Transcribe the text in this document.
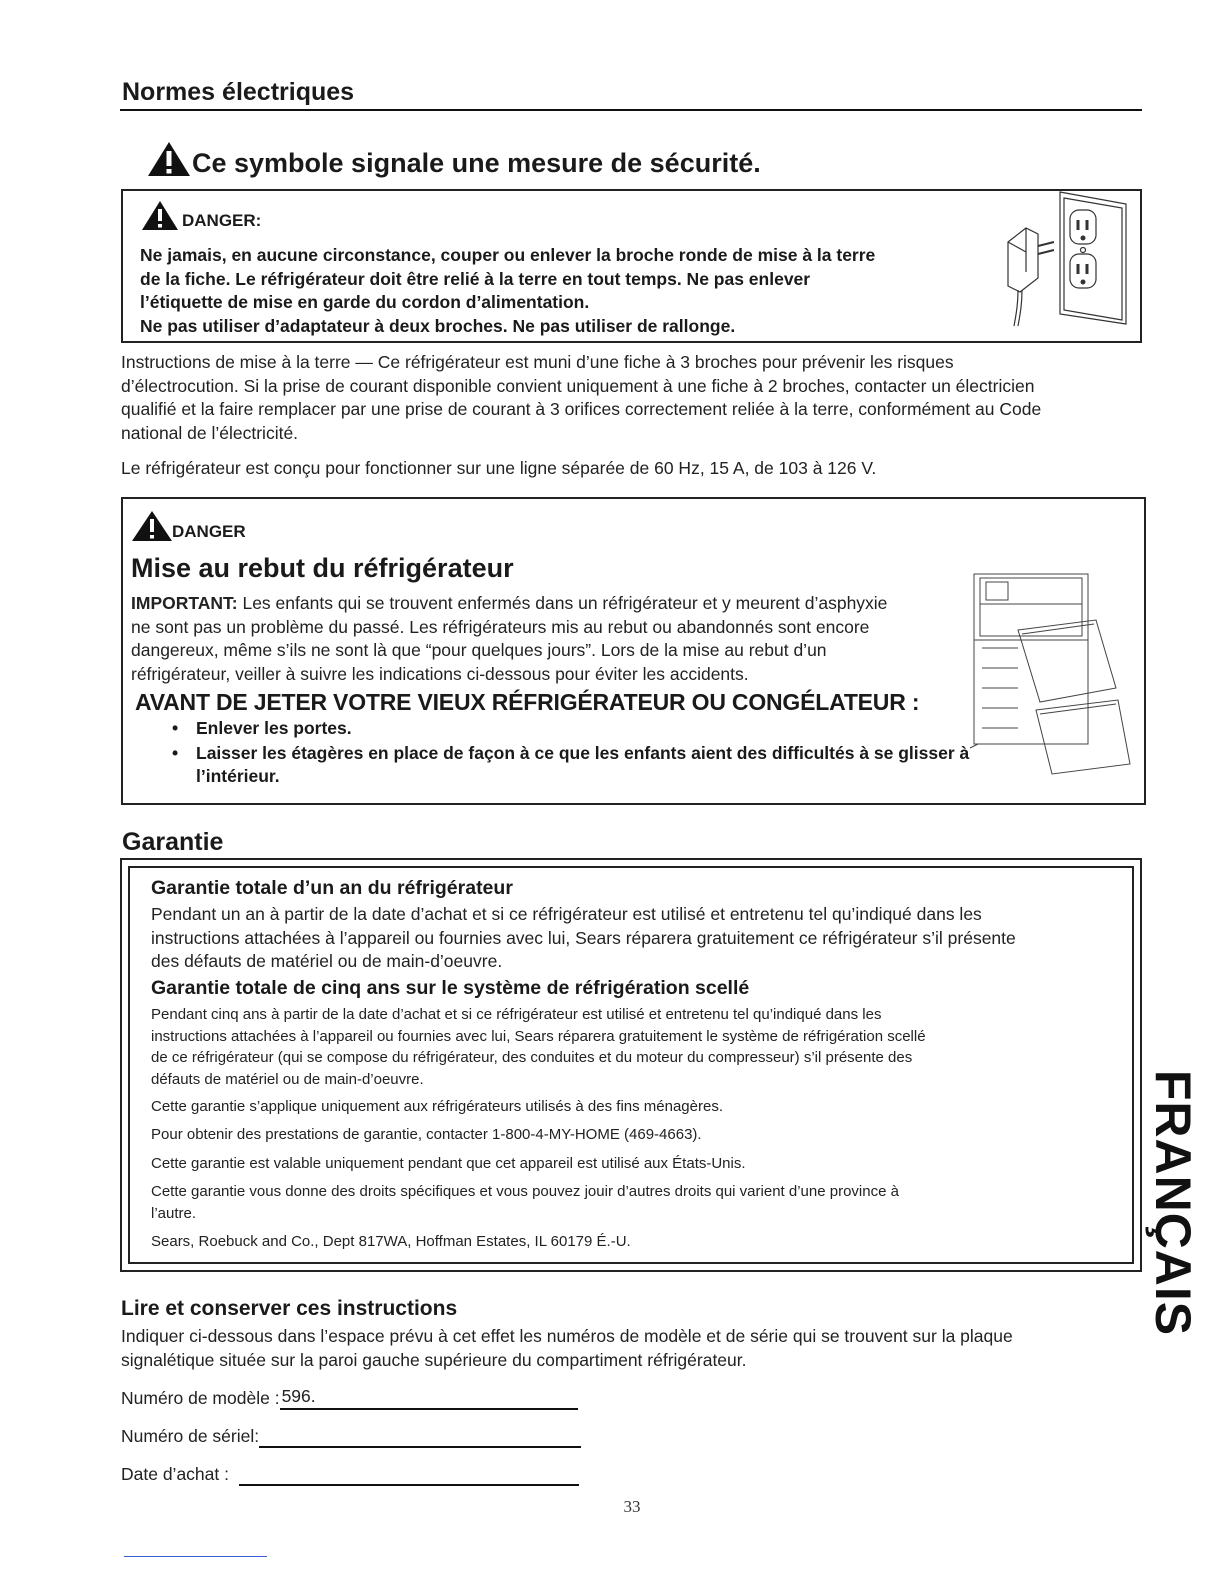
Normes électriques
Ce symbole signale une mesure de sécurité.
DANGER:
Ne jamais, en aucune circonstance, couper ou enlever la broche ronde de mise à la terre
de la fiche. Le réfrigérateur doit être relié à la terre en tout temps. Ne pas enlever
l’étiquette de mise en garde du cordon d’alimentation.
Ne pas utiliser d’adaptateur à deux broches. Ne pas utiliser de rallonge.
Instructions de mise à la terre — Ce réfrigérateur est muni d’une fiche à 3 broches pour prévenir les risques
d’électrocution. Si la prise de courant disponible convient uniquement à une fiche à 2 broches, contacter un électricien
qualifié et la faire remplacer par une prise de courant à 3 orifices correctement reliée à la terre, conformément au Code
national de l’électricité.
Le réfrigérateur est conçu pour fonctionner sur une ligne séparée de 60 Hz, 15 A, de 103 à 126 V.
DANGER
Mise au rebut du réfrigérateur
IMPORTANT: Les enfants qui se trouvent enfermés dans un réfrigérateur et y meurent d’asphyxie
ne sont pas un problème du passé. Les réfrigérateurs mis au rebut ou abandonnés sont encore
dangereux, même s’ils ne sont là que “pour quelques jours”. Lors de la mise au rebut d’un
réfrigérateur, veiller à suivre les indications ci-dessous pour éviter les accidents.
AVANT DE JETER VOTRE VIEUX RÉFRIGÉRATEUR OU CONGÉLATEUR :
• Enlever les portes.
• Laisser les étagères en place de façon à ce que les enfants aient des difficultés à se glisser à l’intérieur.
Garantie
Garantie totale d’un an du réfrigérateur
Pendant un an à partir de la date d’achat et si ce réfrigérateur est utilisé et entretenu tel qu’indiqué dans les
instructions attachées à l’appareil ou fournies avec lui, Sears réparera gratuitement ce réfrigérateur s’il présente
des défauts de matériel ou de main-d’oeuvre.
Garantie totale de cinq ans sur le système de réfrigération scellé
Pendant cinq ans à partir de la date d’achat et si ce réfrigérateur est utilisé et entretenu tel qu’indiqué dans les
instructions attachées à l’appareil ou fournies avec lui, Sears réparera gratuitement le système de réfrigération scellé
de ce réfrigérateur (qui se compose du réfrigérateur, des conduites et du moteur du compresseur) s’il présente des
défauts de matériel ou de main-d’oeuvre.
Cette garantie s’applique uniquement aux réfrigérateurs utilisés à des fins ménagères.
Pour obtenir des prestations de garantie, contacter 1-800-4-MY-HOME (469-4663).
Cette garantie est valable uniquement pendant que cet appareil est utilisé aux États-Unis.
Cette garantie vous donne des droits spécifiques et vous pouvez jouir d’autres droits qui varient d’une province à
l’autre.
Sears, Roebuck and Co., Dept 817WA, Hoffman Estates, IL 60179 É.-U.	FRANÇAIS
Lire et conserver ces instructions
Indiquer ci-dessous dans l’espace prévu à cet effet les numéros de modèle et de série qui se trouvent sur la plaque
signalétique située sur la paroi gauche supérieure du compartiment réfrigérateur.
Numéro de modèle : 596.
Numéro de sériel:
Date d’achat :
33
